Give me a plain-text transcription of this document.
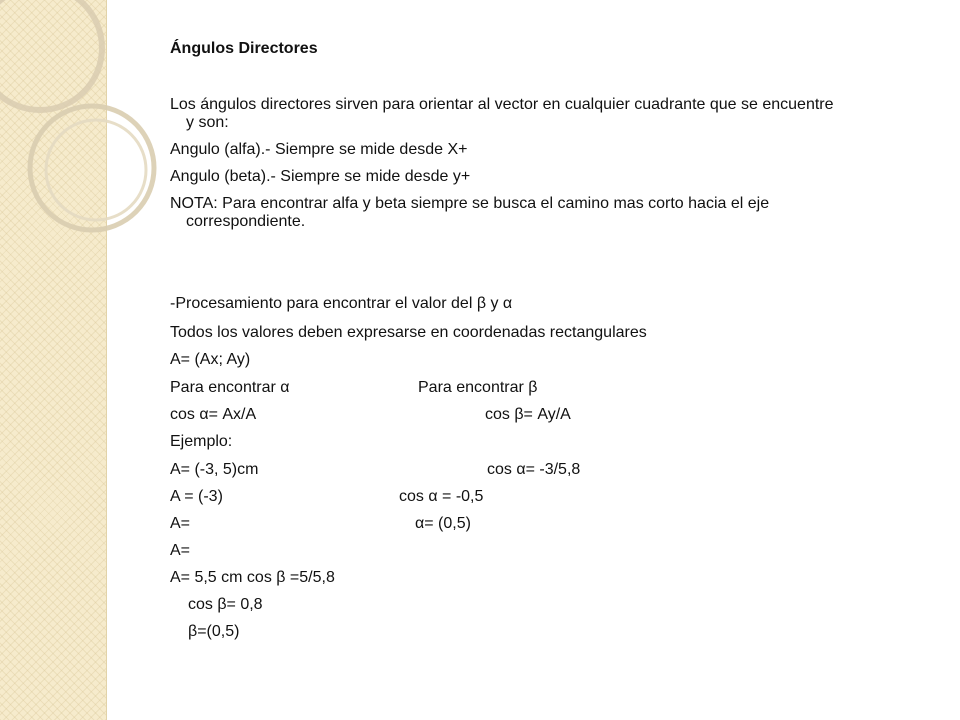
Ángulos Directores
Los ángulos directores sirven para orientar al vector en cualquier cuadrante que se encuentre
y son:
Angulo (alfa).- Siempre se mide desde X+
Angulo (beta).- Siempre se mide desde y+
NOTA: Para encontrar alfa y beta siempre se busca el camino mas corto hacia el eje
correspondiente.
-Procesamiento para encontrar el valor del β y α
Todos los valores deben expresarse en coordenadas rectangulares
A= (Ax; Ay)
Para encontrar α	Para encontrar β
cos α= Ax/A	cos β= Ay/A
Ejemplo:
A= (-3, 5)cm	cos α= -3/5,8
A = (-3)	cos α = -0,5
A=	α= (0,5)
A=
A= 5,5 cm cos β =5/5,8
cos β= 0,8
β=(0,5)
